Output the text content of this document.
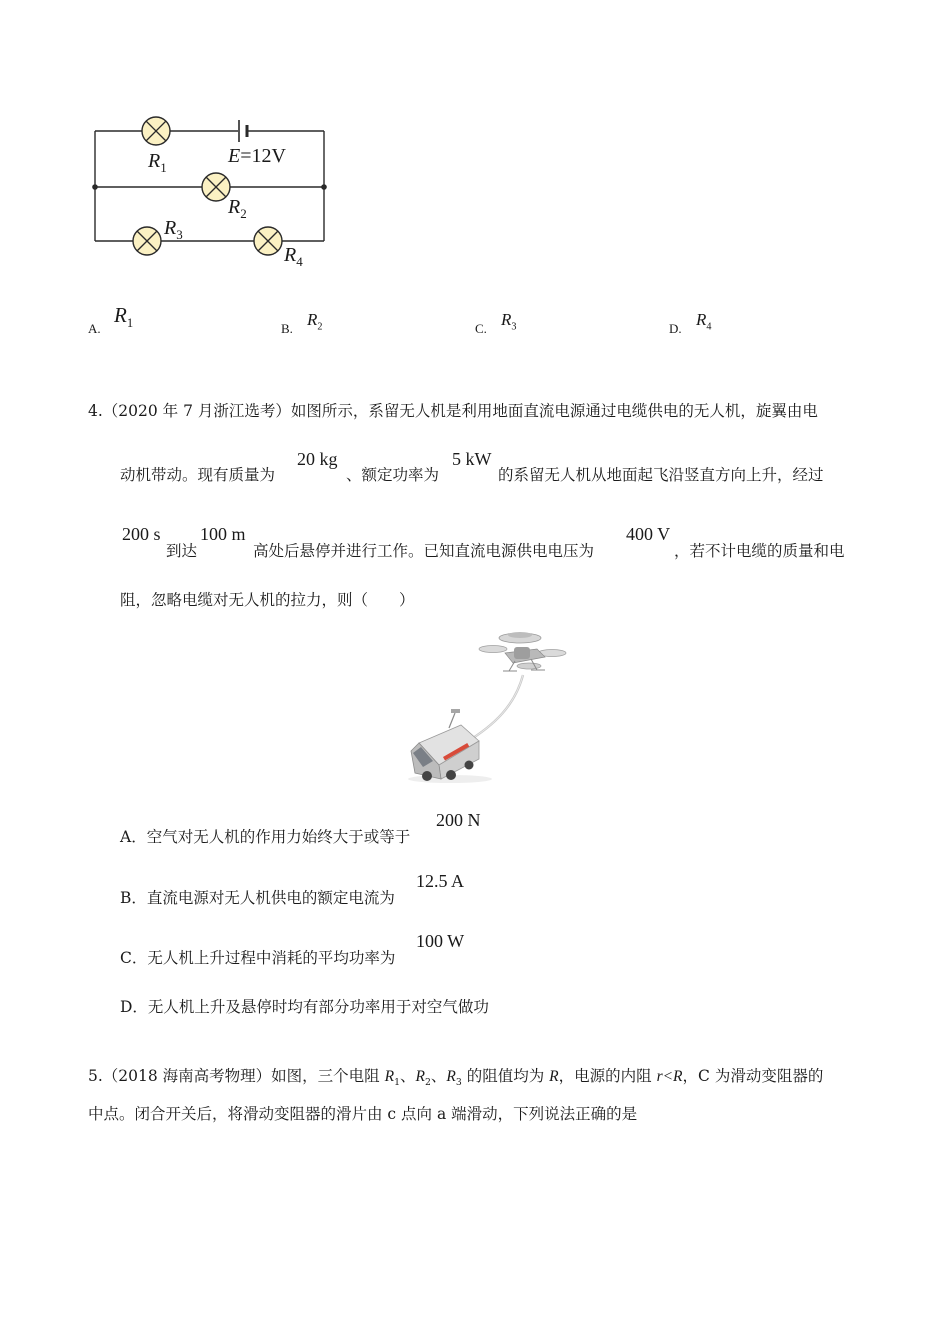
$R_1$
E=12V
$R_2$
$R_3$
$R_4$
A.
$R_1$	B. $R_2$	C. $R_3$	D. $R_4$
4.（2020 年 7 月浙江选考）如图所示，系留无人机是利用地面直流电源通过电缆供电的无人机，旋翼由电
动机带动。现有质量为
20 kg
、额定功率为
5 kW
的系留无人机从地面起飞沿竖直方向上升，经过
200 s
到达
100 m
高处后悬停并进行工作。已知直流电源供电电压为
400 V
，若不计电缆的质量和电
阻，忽略电缆对无人机的拉力，则（　　）
A．空气对无人机的作用力始终大于或等于
200 N
B．直流电源对无人机供电的额定电流为
12.5 A
C．无人机上升过程中消耗的平均功率为
100 W
D．无人机上升及悬停时均有部分功率用于对空气做功
5.（2018 海南高考物理）如图，三个电阻 $R_1$、$R_2$、$R_3$ 的阻值均为 R，电源的内阻 r<R，C 为滑动变阻器的
中点。闭合开关后，将滑动变阻器的滑片由 c 点向 a 端滑动，下列说法正确的是
